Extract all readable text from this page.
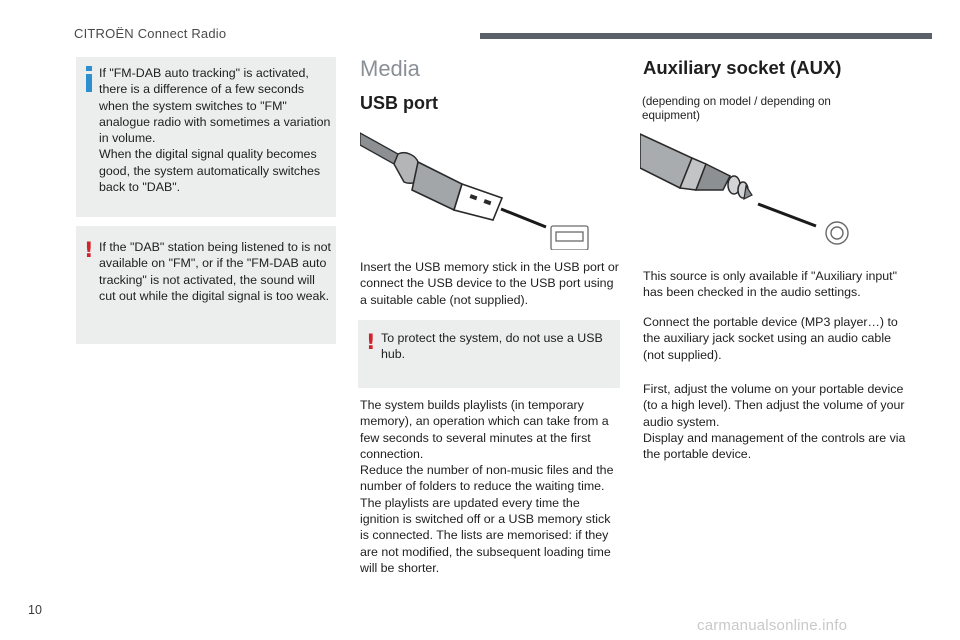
CITROËN Connect Radio

If "FM-DAB auto tracking" is activated, there is a difference of a few seconds
when the system switches to "FM" analogue radio with sometimes a variation in volume.
When the digital signal quality becomes good, the system automatically switches back to "DAB".

! If the "DAB" station being listened to is not available on "FM", or if the "FM-DAB auto tracking" is not activated, the sound will cut out while the digital signal is too weak.

Media
USB port
Insert the USB memory stick in the USB port or connect the USB device to the USB port using a suitable cable (not supplied).
! To protect the system, do not use a USB hub.

The system builds playlists (in temporary memory), an operation which can take from a few seconds to several minutes at the first connection.
Reduce the number of non-music files and the number of folders to reduce the waiting time.
The playlists are updated every time the ignition is switched off or a USB memory stick is connected. The lists are memorised: if they are not modified, the subsequent loading time will be shorter.
Auxiliary socket (AUX)
(depending on model / depending on equipment)
This source is only available if "Auxiliary input" has been checked in the audio settings.
Connect the portable device (MP3 player…) to the auxiliary jack socket using an audio cable (not supplied).
First, adjust the volume on your portable device (to a high level). Then adjust the volume of your audio system.
Display and management of the controls are via the portable device.
10
carmanualsonline.info
